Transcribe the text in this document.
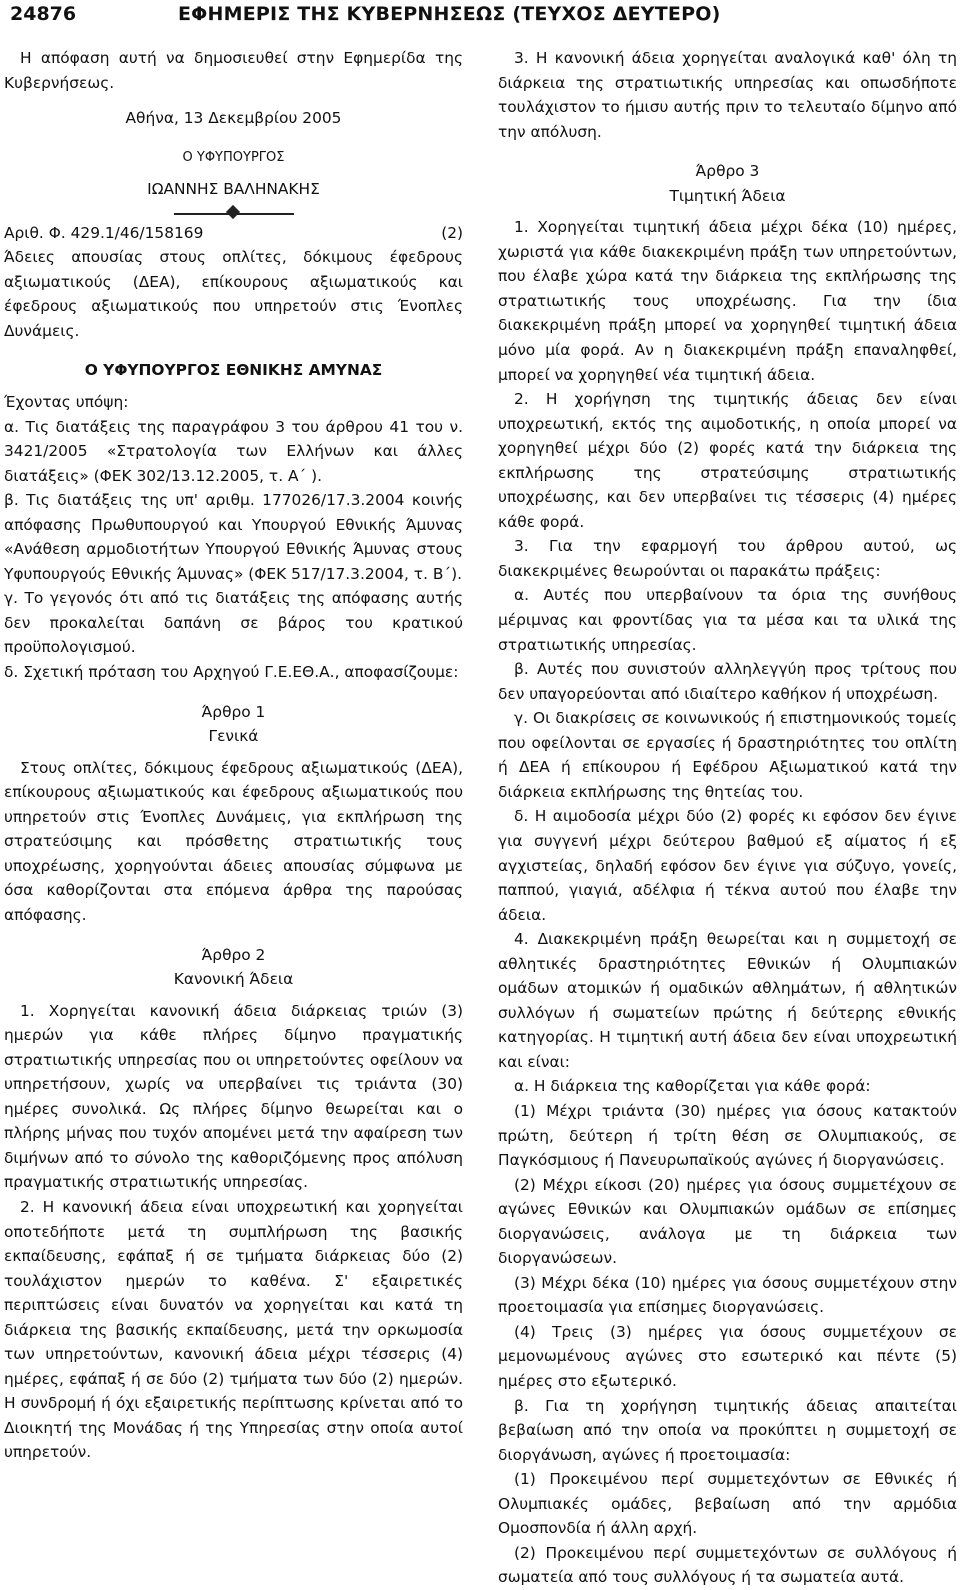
24876	ΕΦΗΜΕΡΙΣ ΤΗΣ ΚΥΒΕΡΝΗΣΕΩΣ (ΤΕΥΧΟΣ ΔΕΥΤΕΡΟ)

Η απόφαση αυτή να δημοσιευθεί στην Εφημερίδα της Κυβερνήσεως.

Αθήνα, 13 Δεκεμβρίου 2005

Ο ΥΦΥΠΟΥΡΓΟΣ

ΙΩΑΝΝΗΣ ΒΑΛΗΝΑΚΗΣ

Αριθ. Φ. 429.1/46/158169	(2)

Άδειες απουσίας στους οπλίτες, δόκιμους έφεδρους αξιωματικούς (ΔΕΑ), επίκουρους αξιωματικούς και έφεδρους αξιωματικούς που υπηρετούν στις Ένοπλες Δυνάμεις.

Ο ΥΦΥΠΟΥΡΓΟΣ ΕΘΝΙΚΗΣ ΑΜΥΝΑΣ

Έχοντας υπόψη:

α. Τις διατάξεις της παραγράφου 3 του άρθρου 41 του ν. 3421/2005 «Στρατολογία των Ελλήνων και άλλες διατάξεις» (ΦΕΚ 302/13.12.2005, τ. Α΄ ).

β. Τις διατάξεις της υπ' αριθμ. 177026/17.3.2004 κοινής απόφασης Πρωθυπουργού και Υπουργού Εθνικής Άμυνας «Ανάθεση αρμοδιοτήτων Υπουργού Εθνικής Άμυνας στους Υφυπουργούς Εθνικής Άμυνας» (ΦΕΚ 517/17.3.2004, τ. Β΄).

γ. Το γεγονός ότι από τις διατάξεις της απόφασης αυτής δεν προκαλείται δαπάνη σε βάρος του κρατικού προϋπολογισμού.

δ. Σχετική πρόταση του Αρχηγού Γ.Ε.ΕΘ.Α., αποφασίζουμε:

Άρθρο 1

Γενικά

Στους οπλίτες, δόκιμους έφεδρους αξιωματικούς (ΔΕΑ), επίκουρους αξιωματικούς και έφεδρους αξιωματικούς που υπηρετούν στις Ένοπλες Δυνάμεις, για εκπλήρωση της στρατεύσιμης και πρόσθετης στρατιωτικής τους υποχρέωσης, χορηγούνται άδειες απουσίας σύμφωνα με όσα καθορίζονται στα επόμενα άρθρα της παρούσας απόφασης.

Άρθρο 2

Κανονική Άδεια

1. Χορηγείται κανονική άδεια διάρκειας τριών (3) ημερών για κάθε πλήρες δίμηνο πραγματικής στρατιωτικής υπηρεσίας που οι υπηρετούντες οφείλουν να υπηρετήσουν, χωρίς να υπερβαίνει τις τριάντα (30) ημέρες συνολικά. Ως πλήρες δίμηνο θεωρείται και ο πλήρης μήνας που τυχόν απομένει μετά την αφαίρεση των διμήνων από το σύνολο της καθοριζόμενης προς απόλυση πραγματικής στρατιωτικής υπηρεσίας.

2. Η κανονική άδεια είναι υποχρεωτική και χορηγείται οποτεδήποτε μετά τη συμπλήρωση της βασικής εκπαίδευσης, εφάπαξ ή σε τμήματα διάρκειας δύο (2) τουλάχιστον ημερών το καθένα. Σ' εξαιρετικές περιπτώσεις είναι δυνατόν να χορηγείται και κατά τη διάρκεια της βασικής εκπαίδευσης, μετά την ορκωμοσία των υπηρετούντων, κανονική άδεια μέχρι τέσσερις (4) ημέρες, εφάπαξ ή σε δύο (2) τμήματα των δύο (2) ημερών. Η συνδρομή ή όχι εξαιρετικής περίπτωσης κρίνεται από το Διοικητή της Μονάδας ή της Υπηρεσίας στην οποία αυτοί υπηρετούν.

3. Η κανονική άδεια χορηγείται αναλογικά καθ' όλη τη διάρκεια της στρατιωτικής υπηρεσίας και οπωσδήποτε τουλάχιστον το ήμισυ αυτής πριν το τελευταίο δίμηνο από την απόλυση.

Άρθρο 3

Τιμητική Άδεια

1. Χορηγείται τιμητική άδεια μέχρι δέκα (10) ημέρες, χωριστά για κάθε διακεκριμένη πράξη των υπηρετούντων, που έλαβε χώρα κατά την διάρκεια της εκπλήρωσης της στρατιωτικής τους υποχρέωσης. Για την ίδια διακεκριμένη πράξη μπορεί να χορηγηθεί τιμητική άδεια μόνο μία φορά. Αν η διακεκριμένη πράξη επαναληφθεί, μπορεί να χορηγηθεί νέα τιμητική άδεια.

2. Η χορήγηση της τιμητικής άδειας δεν είναι υποχρεωτική, εκτός της αιμοδοτικής, η οποία μπορεί να χορηγηθεί μέχρι δύο (2) φορές κατά την διάρκεια της εκπλήρωσης της στρατεύσιμης στρατιωτικής υποχρέωσης, και δεν υπερβαίνει τις τέσσερις (4) ημέρες κάθε φορά.

3. Για την εφαρμογή του άρθρου αυτού, ως διακεκριμένες θεωρούνται οι παρακάτω πράξεις:

α. Αυτές που υπερβαίνουν τα όρια της συνήθους μέριμνας και φροντίδας για τα μέσα και τα υλικά της στρατιωτικής υπηρεσίας.

β. Αυτές που συνιστούν αλληλεγγύη προς τρίτους που δεν υπαγορεύονται από ιδιαίτερο καθήκον ή υποχρέωση.

γ. Οι διακρίσεις σε κοινωνικούς ή επιστημονικούς τομείς που οφείλονται σε εργασίες ή δραστηριότητες του οπλίτη ή ΔΕΑ ή επίκουρου ή Εφέδρου Αξιωματικού κατά την διάρκεια εκπλήρωσης της θητείας του.

δ. Η αιμοδοσία μέχρι δύο (2) φορές κι εφόσον δεν έγινε για συγγενή μέχρι δεύτερου βαθμού εξ αίματος ή εξ αγχιστείας, δηλαδή εφόσον δεν έγινε για σύζυγο, γονείς, παππού, γιαγιά, αδέλφια ή τέκνα αυτού που έλαβε την άδεια.

4. Διακεκριμένη πράξη θεωρείται και η συμμετοχή σε αθλητικές δραστηριότητες Εθνικών ή Ολυμπιακών ομάδων ατομικών ή ομαδικών αθλημάτων, ή αθλητικών συλλόγων ή σωματείων πρώτης ή δεύτερης εθνικής κατηγορίας. Η τιμητική αυτή άδεια δεν είναι υποχρεωτική και είναι:

α. Η διάρκεια της καθορίζεται για κάθε φορά:

(1) Μέχρι τριάντα (30) ημέρες για όσους κατακτούν πρώτη, δεύτερη ή τρίτη θέση σε Ολυμπιακούς, σε Παγκόσμιους ή Πανευρωπαϊκούς αγώνες ή διοργανώσεις.

(2) Μέχρι είκοσι (20) ημέρες για όσους συμμετέχουν σε αγώνες Εθνικών και Ολυμπιακών ομάδων σε επίσημες διοργανώσεις, ανάλογα με τη διάρκεια των διοργανώσεων.

(3) Μέχρι δέκα (10) ημέρες για όσους συμμετέχουν στην προετοιμασία για επίσημες διοργανώσεις.

(4) Τρεις (3) ημέρες για όσους συμμετέχουν σε μεμονωμένους αγώνες στο εσωτερικό και πέντε (5) ημέρες στο εξωτερικό.

β. Για τη χορήγηση τιμητικής άδειας απαιτείται βεβαίωση από την οποία να προκύπτει η συμμετοχή σε διοργάνωση, αγώνες ή προετοιμασία:

(1) Προκειμένου περί συμμετεχόντων σε Εθνικές ή Ολυμπιακές ομάδες, βεβαίωση από την αρμόδια Ομοσπονδία ή άλλη αρχή.

(2) Προκειμένου περί συμμετεχόντων σε συλλόγους ή σωματεία από τους συλλόγους ή τα σωματεία αυτά.
